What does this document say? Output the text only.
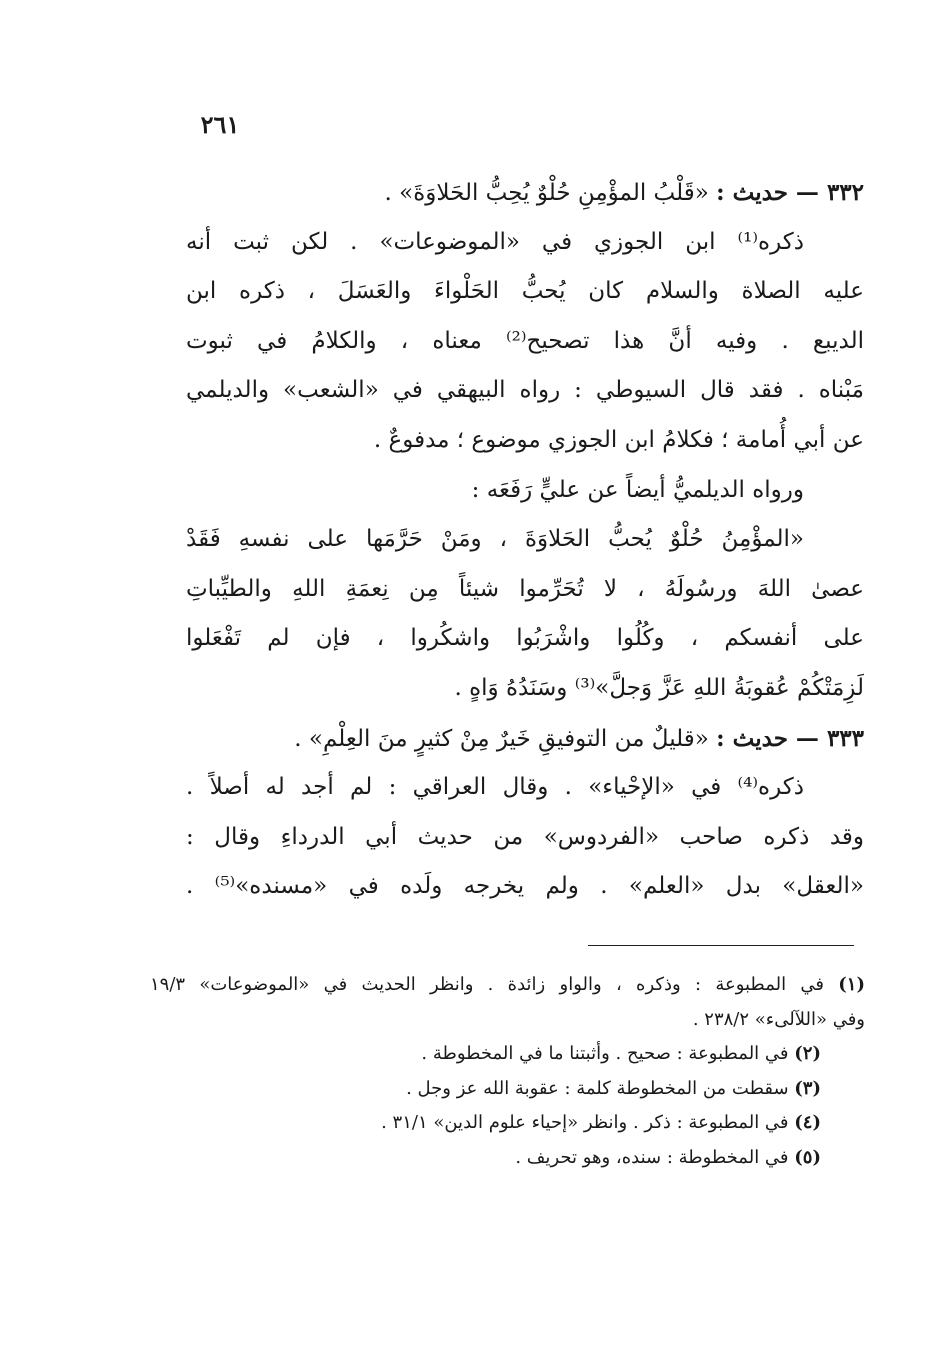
٢٦١
٣٣٢ — حديث : «قَلْبُ المؤْمِنِ حُلْوٌ يُحِبُّ الحَلاوَةَ» .
ذكره⁽¹⁾ ابن الجوزي في «الموضوعات» . لكن ثبت أنه
عليه الصلاة والسلام كان يُحبُّ الحَلْواءَ والعَسَلَ ، ذكره ابن
الديبع . وفيه أنَّ هذا تصحيح⁽²⁾ معناه ، والكلامُ في ثبوت
مَبْناه . فقد قال السيوطي : رواه البيهقي في «الشعب» والديلمي
عن أبي أُمامة ؛ فكلامُ ابن الجوزي موضوع ؛ مدفوعٌ .
ورواه الديلميُّ أيضاً عن عليٍّ رَفَعَه :
«المؤْمِنُ حُلْوٌ يُحبُّ الحَلاوَةَ ، ومَنْ حَرَّمَها على نفسهِ فَقَدْ
عصىٰ اللهَ ورسُولَهُ ، لا تُحَرِّموا شيئاً مِن نِعمَةِ اللهِ والطيِّباتِ
على أنفسكم ، وكُلُوا واشْرَبُوا واشكُروا ، فإن لم تَفْعَلوا
لَزِمَتْكُمْ عُقوبَةُ اللهِ عَزَّ وَجلَّ»⁽³⁾ وسَنَدُهُ وَاهٍ .
٣٣٣ — حديث : «قليلٌ من التوفيقِ خَيرٌ مِنْ كثيرٍ منَ العِلْمِ» .
ذكره⁽⁴⁾ في «الإحْياء» . وقال العراقي : لم أجد له أصلاً .
وقد ذكره صاحب «الفردوس» من حديث أبي الدرداءِ وقال :
«العقل» بدل «العلم» . ولم يخرجه ولَده في «مسنده»⁽⁵⁾ .
(١) في المطبوعة : وذكره ، والواو زائدة . وانظر الحديث في «الموضوعات» ١٩/٣
وفي «اللآلىء» ٢٣٨/٢ .
(٢) في المطبوعة : صحيح . وأثبتنا ما في المخطوطة .
(٣) سقطت من المخطوطة كلمة : عقوبة الله عز وجل .
(٤) في المطبوعة : ذكر . وانظر «إحياء علوم الدين» ٣١/١ .
(٥) في المخطوطة : سنده، وهو تحريف .
